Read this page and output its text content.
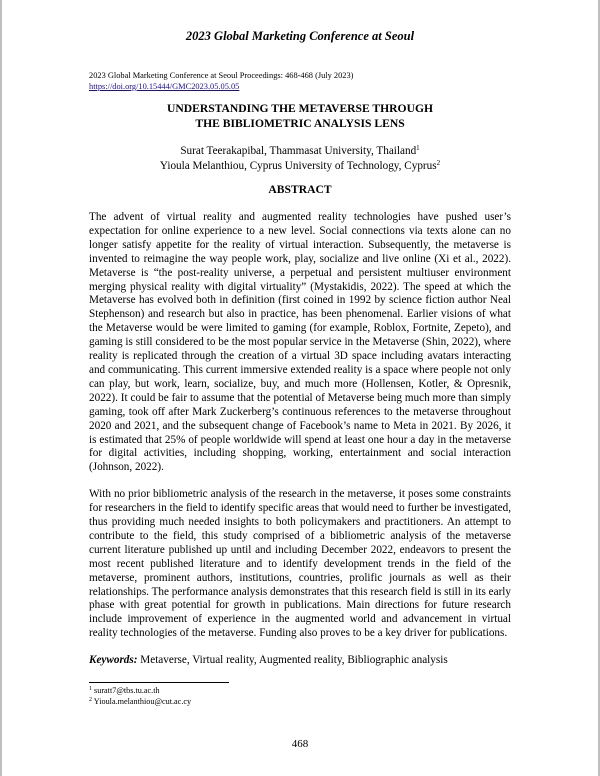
2023 Global Marketing Conference at Seoul
2023 Global Marketing Conference at Seoul Proceedings: 468-468 (July 2023)
https://doi.org/10.15444/GMC2023.05.05.05
UNDERSTANDING THE METAVERSE THROUGH
THE BIBLIOMETRIC ANALYSIS LENS
Surat Teerakapibal, Thammasat University, Thailand$^1$
Yioula Melanthiou, Cyprus University of Technology, Cyprus$^2$
ABSTRACT

The advent of virtual reality and augmented reality technologies have pushed user’s expectation for online experience to a new level. Social connections via texts alone can no longer satisfy appetite for the reality of virtual interaction. Subsequently, the metaverse is invented to reimagine the way people work, play, socialize and live online (Xi et al., 2022). Metaverse is “the post-reality universe, a perpetual and persistent multiuser environment merging physical reality with digital virtuality” (Mystakidis, 2022). The speed at which the Metaverse has evolved both in definition (first coined in 1992 by science fiction author Neal Stephenson) and research but also in practice, has been phenomenal. Earlier visions of what the Metaverse would be were limited to gaming (for example, Roblox, Fortnite, Zepeto), and gaming is still considered to be the most popular service in the Metaverse (Shin, 2022), where reality is replicated through the creation of a virtual 3D space including avatars interacting and communicating. This current immersive extended reality is a space where people not only can play, but work, learn, socialize, buy, and much more (Hollensen, Kotler, & Opresnik, 2022). It could be fair to assume that the potential of Metaverse being much more than simply gaming, took off after Mark Zuckerberg’s continuous references to the metaverse throughout 2020 and 2021, and the subsequent change of Facebook’s name to Meta in 2021. By 2026, it is estimated that 25% of people worldwide will spend at least one hour a day in the metaverse for digital activities, including shopping, working, entertainment and social interaction (Johnson, 2022).

With no prior bibliometric analysis of the research in the metaverse, it poses some constraints for researchers in the field to identify specific areas that would need to further be investigated, thus providing much needed insights to both policymakers and practitioners. An attempt to contribute to the field, this study comprised of a bibliometric analysis of the metaverse current literature published up until and including December 2022, endeavors to present the most recent published literature and to identify development trends in the field of the metaverse, prominent authors, institutions, countries, prolific journals as well as their relationships. The performance analysis demonstrates that this research field is still in its early phase with great potential for growth in publications. Main directions for future research include improvement of experience in the augmented world and advancement in virtual reality technologies of the metaverse. Funding also proves to be a key driver for publications.

Keywords: Metaverse, Virtual reality, Augmented reality, Bibliographic analysis
$^1$ suratt7@tbs.tu.ac.th
$^2$ Yioula.melanthiou@cut.ac.cy
468
